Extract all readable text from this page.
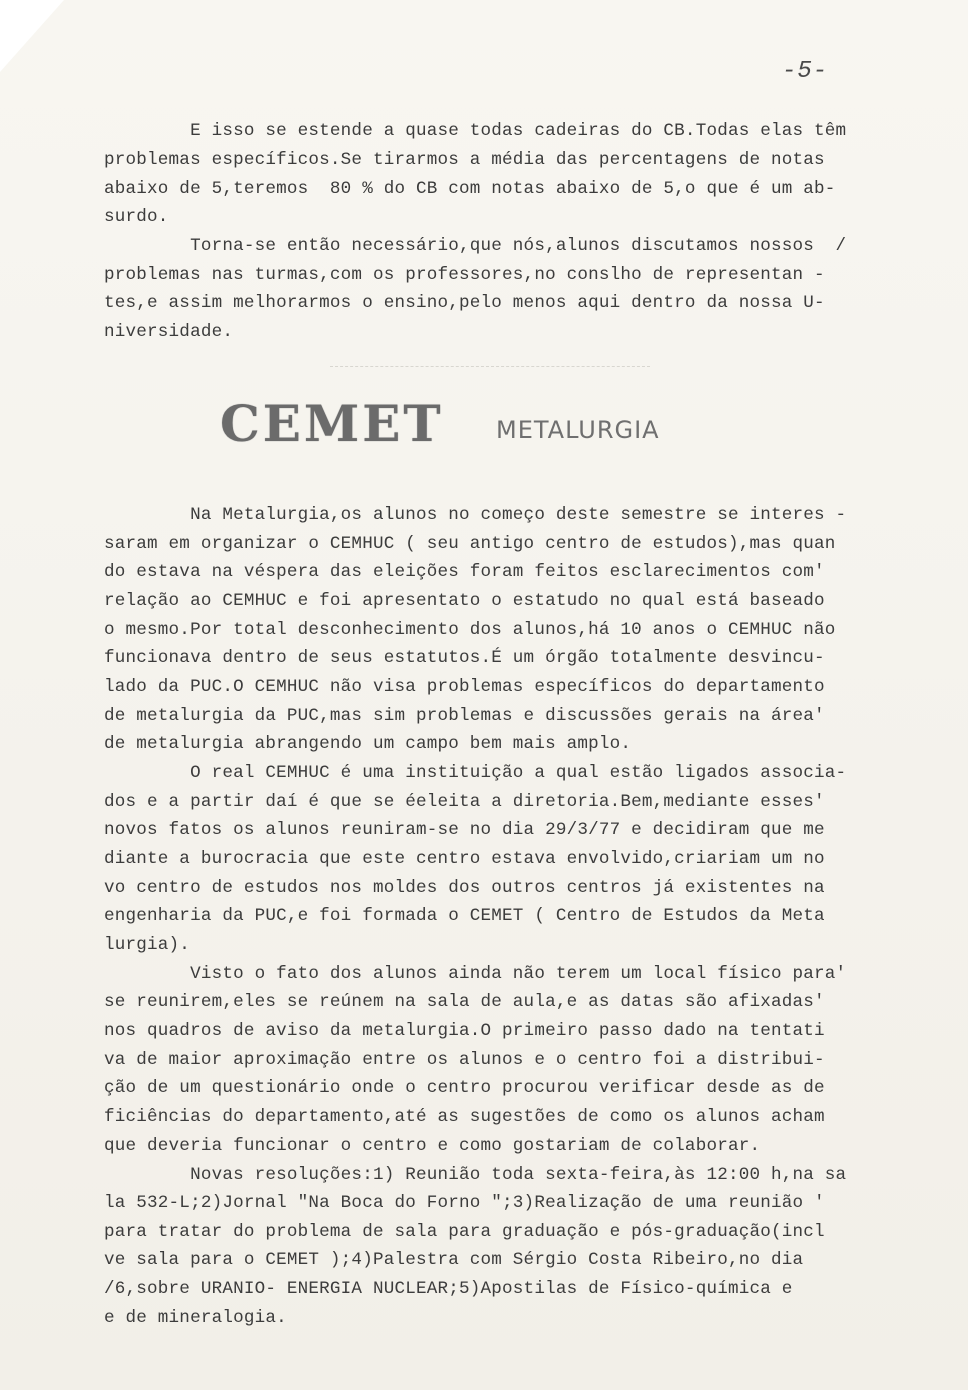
-5-
E isso se estende a quase todas cadeiras do CB.Todas elas têm
problemas específicos.Se tirarmos a média das percentagens de notas
abaixo de 5,teremos  80 % do CB com notas abaixo de 5,o que é um ab-
surdo.
Torna-se então necessário,que nós,alunos discutamos nossos  /
problemas nas turmas,com os professores,no conslho de representan -
tes,e assim melhorarmos o ensino,pelo menos aqui dentro da nossa U-
niversidade.
CEMET METALURGIA
Na Metalurgia,os alunos no começo deste semestre se interes -
saram em organizar o CEMHUC ( seu antigo centro de estudos),mas quan
do estava na véspera das eleições foram feitos esclarecimentos com'
relação ao CEMHUC e foi apresentato o estatudo no qual está baseado
o mesmo.Por total desconhecimento dos alunos,há 10 anos o CEMHUC não
funcionava dentro de seus estatutos.É um órgão totalmente desvincu-
lado da PUC.O CEMHUC não visa problemas específicos do departamento
de metalurgia da PUC,mas sim problemas e discussões gerais na área'
de metalurgia abrangendo um campo bem mais amplo.
O real CEMHUC é uma instituição a qual estão ligados associa-
dos e a partir daí é que se éeleita a diretoria.Bem,mediante esses'
novos fatos os alunos reuniram-se no dia 29/3/77 e decidiram que me
diante a burocracia que este centro estava envolvido,criariam um no
vo centro de estudos nos moldes dos outros centros já existentes na
engenharia da PUC,e foi formada o CEMET ( Centro de Estudos da Meta
lurgia).
Visto o fato dos alunos ainda não terem um local físico para'
se reunirem,eles se reúnem na sala de aula,e as datas são afixadas'
nos quadros de aviso da metalurgia.O primeiro passo dado na tentati
va de maior aproximação entre os alunos e o centro foi a distribui-
ção de um questionário onde o centro procurou verificar desde as de
ficiências do departamento,até as sugestões de como os alunos acham
que deveria funcionar o centro e como gostariam de colaborar.
Novas resoluções:1) Reunião toda sexta-feira,às 12:00 h,na sa
la 532-L;2)Jornal "Na Boca do Forno ";3)Realização de uma reunião '
para tratar do problema de sala para graduação e pós-graduação(incl
ve sala para o CEMET );4)Palestra com Sérgio Costa Ribeiro,no dia
/6,sobre URANIO- ENERGIA NUCLEAR;5)Apostilas de Físico-química e
e de mineralogia.
